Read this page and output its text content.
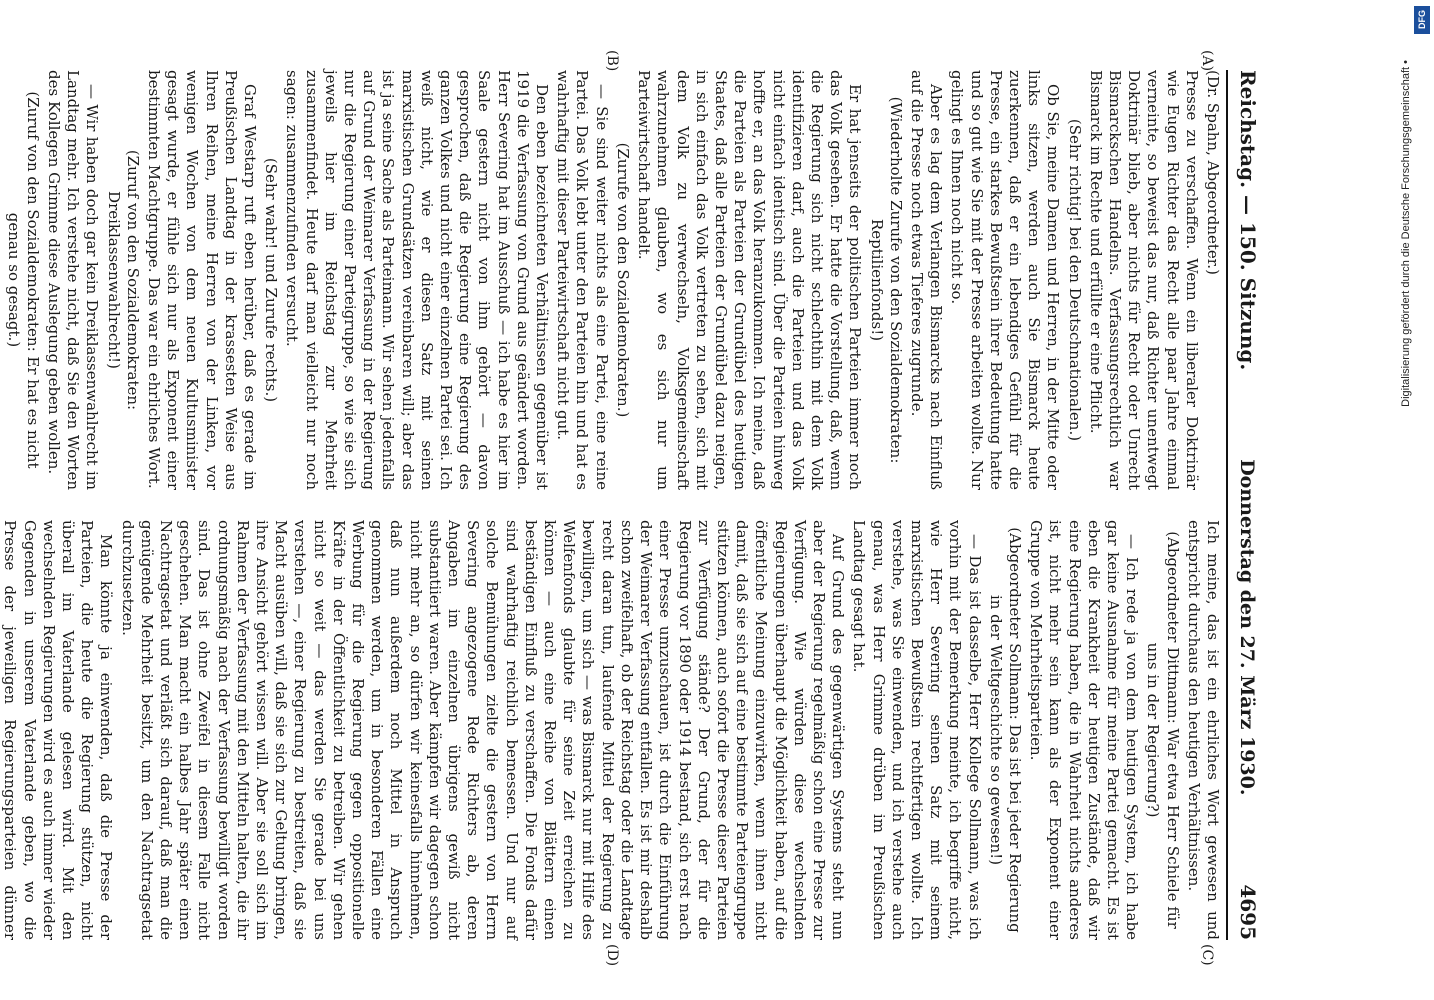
Reichstag. — 150. Sitzung.
Donnerstag den 27. März 1930.
4695
(A)
(B)
(C)
(D)

(Dr. Spahn, Abgeordneter.)

Presse zu verschaffen. Wenn ein liberaler Doktrinär wie Eugen Richter das Recht alle paar Jahre einmal verneinte, so beweist das nur, daß Richter unentwegt Doktrinär blieb, aber nichts für Recht oder Unrecht Bismarckschen Handelns. Verfassungsrechtlich war Bismarck im Rechte und erfüllte er eine Pflicht.

(Sehr richtig! bei den Deutschnationalen.)

Ob Sie, meine Damen und Herren, in der Mitte oder links sitzen, werden auch Sie Bismarck heute zuerkennen, daß er ein lebendiges Gefühl für die Presse, ein starkes Bewußtsein ihrer Bedeutung hatte und so gut wie Sie mit der Presse arbeiten wollte. Nur gelingt es Ihnen noch nicht so.

Aber es lag dem Verlangen Bismarcks nach Einfluß auf die Presse noch etwas Tieferes zugrunde.

(Wiederholte Zurufe von den Sozialdemokraten: Reptilienfonds!)

Er hat jenseits der politischen Parteien immer noch das Volk gesehen. Er hatte die Vorstellung, daß, wenn die Regierung sich nicht schlechthin mit dem Volk identifizieren darf, auch die Parteien und das Volk nicht einfach identisch sind. Über die Parteien hinweg hoffte er, an das Volk heranzukommen. Ich meine, daß die Parteien als Parteien der Grundübel des heutigen Staates, daß alle Parteien der Grundübel dazu neigen, in sich einfach das Volk vertreten zu sehen, sich mit dem Volk zu verwechseln, Volksgemeinschaft wahrzunehmen glauben, wo es sich nur um Parteiwirtschaft handelt.

(Zurufe von den Sozialdemokraten.)

— Sie sind weiter nichts als eine Partei, eine reine Partei. Das Volk lebt unter den Parteien hin und hat es wahrhaftig mit dieser Parteiwirtschaft nicht gut.

Den eben bezeichneten Verhältnissen gegenüber ist 1919 die Verfassung von Grund aus geändert worden. Herr Severing hat im Ausschuß — ich habe es hier im Saale gestern nicht von ihm gehört — davon gesprochen, daß die Regierung eine Regierung des ganzen Volkes und nicht einer einzelnen Partei sei. Ich weiß nicht, wie er diesen Satz mit seinen marxistischen Grundsätzen vereinbaren will; aber das ist ja seine Sache als Parteimann. Wir sehen jedenfalls auf Grund der Weimarer Verfassung in der Regierung nur die Regierung einer Parteigruppe, so wie sie sich jeweils hier im Reichstag zur Mehrheit zusammenfindet. Heute darf man vielleicht nur noch sagen: zusammenzufinden versucht.

(Sehr wahr! und Zurufe rechts.)

Graf Westarp ruft eben herüber, daß es gerade im Preußischen Landtag in der krassesten Weise aus Ihren Reihen, meine Herren von der Linken, vor wenigen Wochen von dem neuen Kultusminister gesagt wurde, er fühle sich nur als Exponent einer bestimmten Machtgruppe. Das war ein ehrliches Wort.

(Zuruf von den Sozialdemokraten: Dreiklassenwahlrecht!)

— Wir haben doch gar kein Dreiklassenwahlrecht im Landtag mehr. Ich verstehe nicht, daß Sie den Worten des Kollegen Grimme diese Auslegung geben wollen.

(Zuruf von den Sozialdemokraten: Er hat es nicht genau so gesagt.)

Ich meine, das ist ein ehrliches Wort gewesen und entspricht durchaus den heutigen Verhältnissen.

(Abgeordneter Dittmann: War etwa Herr Schiele für uns in der Regierung?)

— Ich rede ja von dem heutigen System, ich habe gar keine Ausnahme für meine Partei gemacht. Es ist eben die Krankheit der heutigen Zustände, daß wir eine Regierung haben, die in Wahrheit nichts anderes ist, nicht mehr sein kann als der Exponent einer Gruppe von Mehrheitsparteien.

(Abgeordneter Sollmann: Das ist bei jeder Regierung in der Weltgeschichte so gewesen!)

— Das ist dasselbe, Herr Kollege Sollmann, was ich vorhin mit der Bemerkung meinte, ich begriffe nicht, wie Herr Severing seinen Satz mit seinem marxistischen Bewußtsein rechtfertigen wollte. Ich verstehe, was Sie einwenden, und ich verstehe auch genau, was Herr Grimme drüben im Preußischen Landtag gesagt hat.

Auf Grund des gegenwärtigen Systems steht nun aber der Regierung regelmäßig schon eine Presse zur Verfügung. Wie würden diese wechselnden Regierungen überhaupt die Möglichkeit haben, auf die öffentliche Meinung einzuwirken, wenn ihnen nicht damit, daß sie sich auf eine bestimmte Parteiengruppe stützen können, auch sofort die Presse dieser Parteien zur Verfügung stände? Der Grund, der für die Regierung vor 1890 oder 1914 bestand, sich erst nach einer Presse umzuschauen, ist durch die Einführung der Weimarer Verfassung entfallen. Es ist mir deshalb schon zweifelhaft, ob der Reichstag oder die Landtage recht daran tun, laufende Mittel der Regierung zu bewilligen, um sich — was Bismarck nur mit Hilfe des Welfenfonds glaubte für seine Zeit erreichen zu können — auch eine Reihe von Blättern einen beständigen Einfluß zu verschaffen. Die Fonds dafür sind wahrhaftig reichlich bemessen. Und nur auf solche Bemühungen zielte die gestern von Herrn Severing angezogene Rede Richters ab, deren Angaben im einzelnen übrigens gewiß nicht substantiiert waren. Aber kämpfen wir dagegen schon nicht mehr an, so dürfen wir keinesfalls hinnehmen, daß nun außerdem noch Mittel in Anspruch genommen werden, um in besonderen Fällen eine Werbung für die Regierung gegen oppositionelle Kräfte in der Öffentlichkeit zu betreiben. Wir gehen nicht so weit — das werden Sie gerade bei uns verstehen —, einer Regierung zu bestreiten, daß sie Macht ausüben will, daß sie sich zur Geltung bringen, ihre Ansicht gehört wissen will. Aber sie soll sich im Rahmen der Verfassung mit den Mitteln halten, die ihr ordnungsmäßig nach der Verfassung bewilligt worden sind. Das ist ohne Zweifel in diesem Falle nicht geschehen. Man macht ein halbes Jahr später einen Nachtragsetat und verläßt sich darauf, daß man die genügende Mehrheit besitzt, um den Nachtragsetat durchzusetzen.

Man könnte ja einwenden, daß die Presse der Parteien, die heute die Regierung stützen, nicht überall im Vaterlande gelesen wird. Mit den wechselnden Regierungen wird es auch immer wieder Gegenden in unserem Vaterlande geben, wo die Presse der jeweiligen Regierungsparteien dünner

Digitalisierung gefördert durch die Deutsche Forschungsgemeinschaft •
DFG
